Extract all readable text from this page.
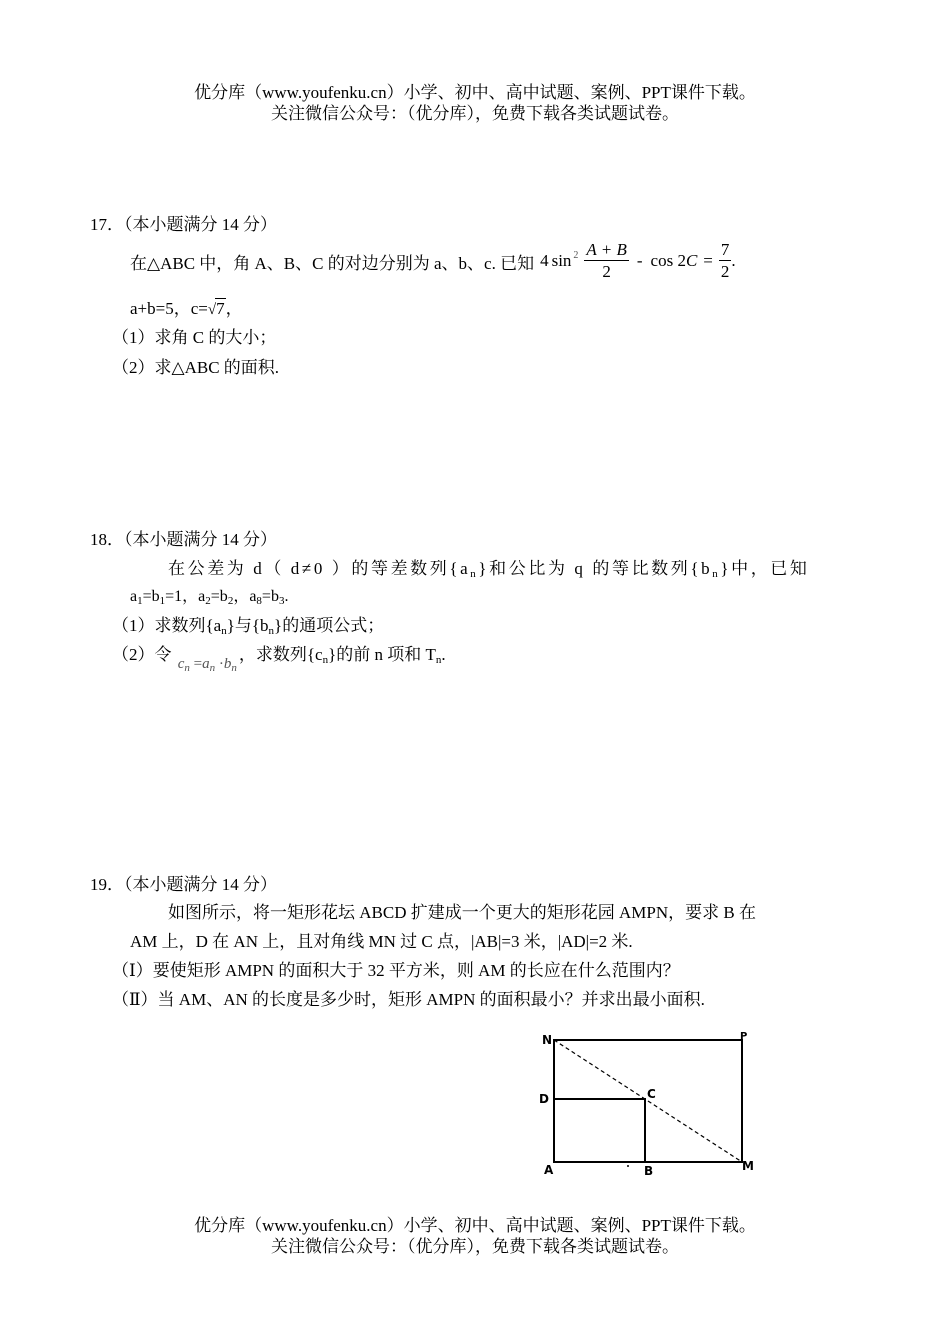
优分库（www.youfenku.cn）小学、初中、高中试题、案例、PPT课件下载。
关注微信公众号：（优分库），免费下载各类试题试卷。
17．（本小题满分 14 分）
在△ABC 中，角 A、B、C 的对边分别为 a、b、c. 已知 4 $\sin^2 \frac{A + B}{2}$ - cos 2 $C = \frac{7}{2}$ .
a+b=5，c=√7，
（1）求角 C 的大小；
（2）求△ABC 的面积.
18．（本小题满分 14 分）
在公差为 d（ d≠0 ）的等差数列$\{a_n\}$和公比为 q 的等比数列$\{b_n\}$中，已知
$a_1=b_1=1$，$a_2=b_2$，$a_8=b_3$.
（1）求数列$\{a_n\}$与$\{b_n\}$的通项公式；
（2）令 $c_n =a_n \cdot b_n$，求数列$\{c_n\}$的前 n 项和 $T_n$.
19．（本小题满分 14 分）
如图所示，将一矩形花坛 ABCD 扩建成一个更大的矩形花园 AMPN，要求 B 在
AM 上，D 在 AN 上，且对角线 MN 过 C 点，|AB|=3 米，|AD|=2 米.
（Ⅰ）要使矩形 AMPN 的面积大于 32 平方米，则 AM 的长应在什么范围内？
（Ⅱ）当 AM、AN 的长度是多少时，矩形 AMPN 的面积最小？并求出最小面积.
N	P
D	C
A	B	M
优分库（www.youfenku.cn）小学、初中、高中试题、案例、PPT课件下载。
关注微信公众号：（优分库），免费下载各类试题试卷。
